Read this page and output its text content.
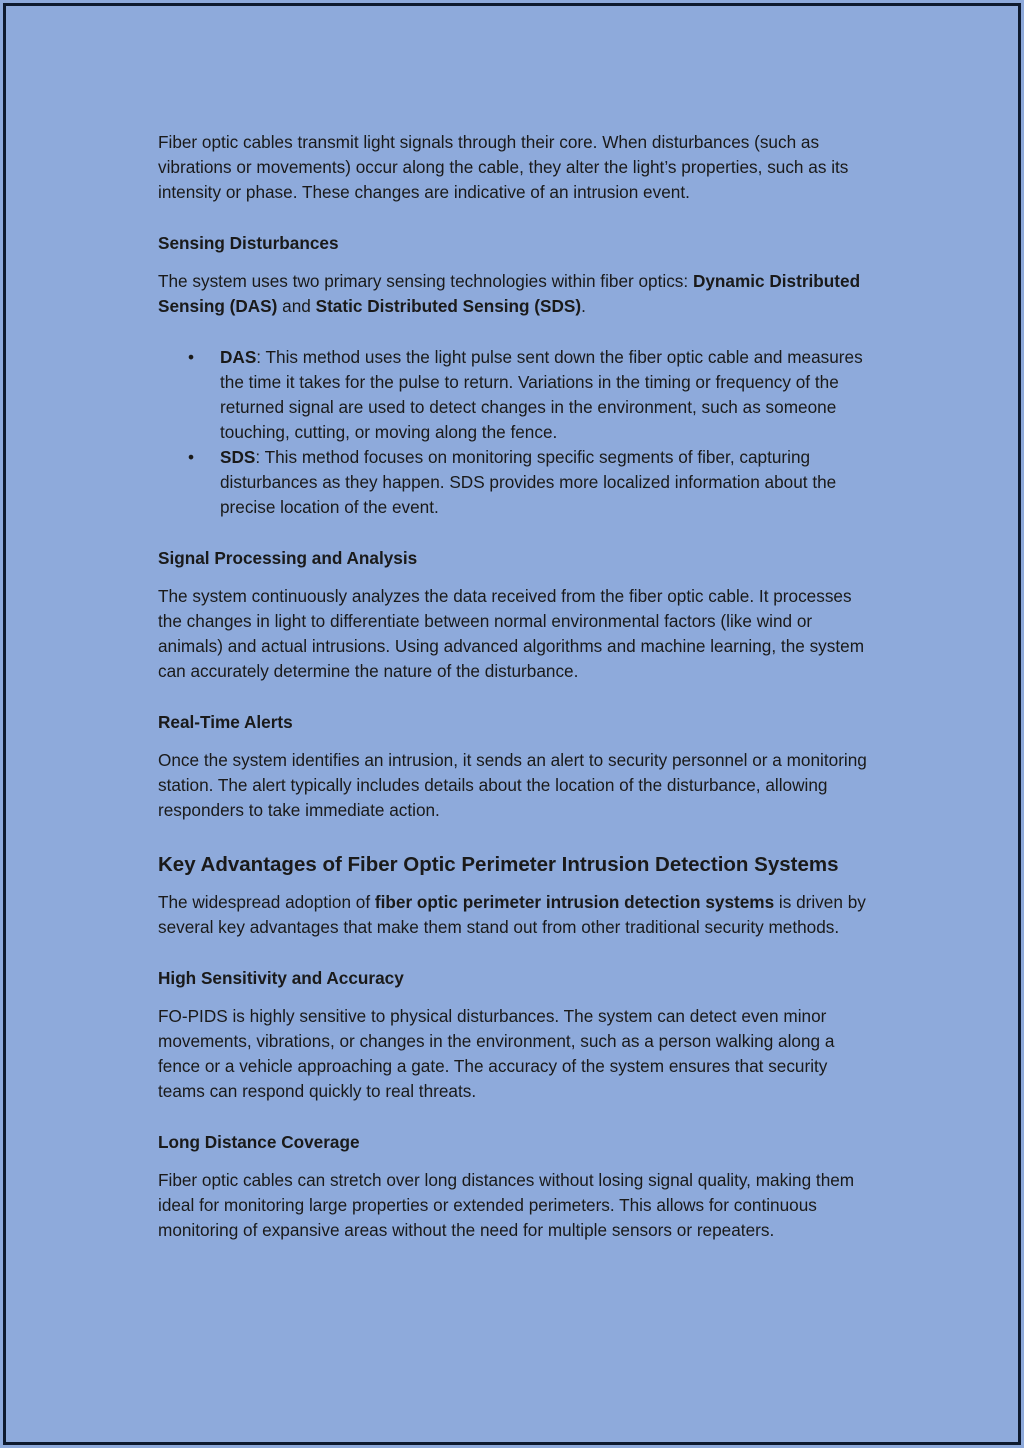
Fiber optic cables transmit light signals through their core. When disturbances (such as vibrations or movements) occur along the cable, they alter the light’s properties, such as its intensity or phase. These changes are indicative of an intrusion event.

Sensing Disturbances

The system uses two primary sensing technologies within fiber optics: Dynamic Distributed Sensing (DAS) and Static Distributed Sensing (SDS).

• DAS: This method uses the light pulse sent down the fiber optic cable and measures the time it takes for the pulse to return. Variations in the timing or frequency of the returned signal are used to detect changes in the environment, such as someone touching, cutting, or moving along the fence.
• SDS: This method focuses on monitoring specific segments of fiber, capturing disturbances as they happen. SDS provides more localized information about the precise location of the event.
Signal Processing and Analysis

The system continuously analyzes the data received from the fiber optic cable. It processes the changes in light to differentiate between normal environmental factors (like wind or animals) and actual intrusions. Using advanced algorithms and machine learning, the system can accurately determine the nature of the disturbance.

Real-Time Alerts

Once the system identifies an intrusion, it sends an alert to security personnel or a monitoring station. The alert typically includes details about the location of the disturbance, allowing responders to take immediate action.

Key Advantages of Fiber Optic Perimeter Intrusion Detection Systems

The widespread adoption of fiber optic perimeter intrusion detection systems is driven by several key advantages that make them stand out from other traditional security methods.

High Sensitivity and Accuracy

FO-PIDS is highly sensitive to physical disturbances. The system can detect even minor movements, vibrations, or changes in the environment, such as a person walking along a fence or a vehicle approaching a gate. The accuracy of the system ensures that security teams can respond quickly to real threats.

Long Distance Coverage

Fiber optic cables can stretch over long distances without losing signal quality, making them ideal for monitoring large properties or extended perimeters. This allows for continuous monitoring of expansive areas without the need for multiple sensors or repeaters.
